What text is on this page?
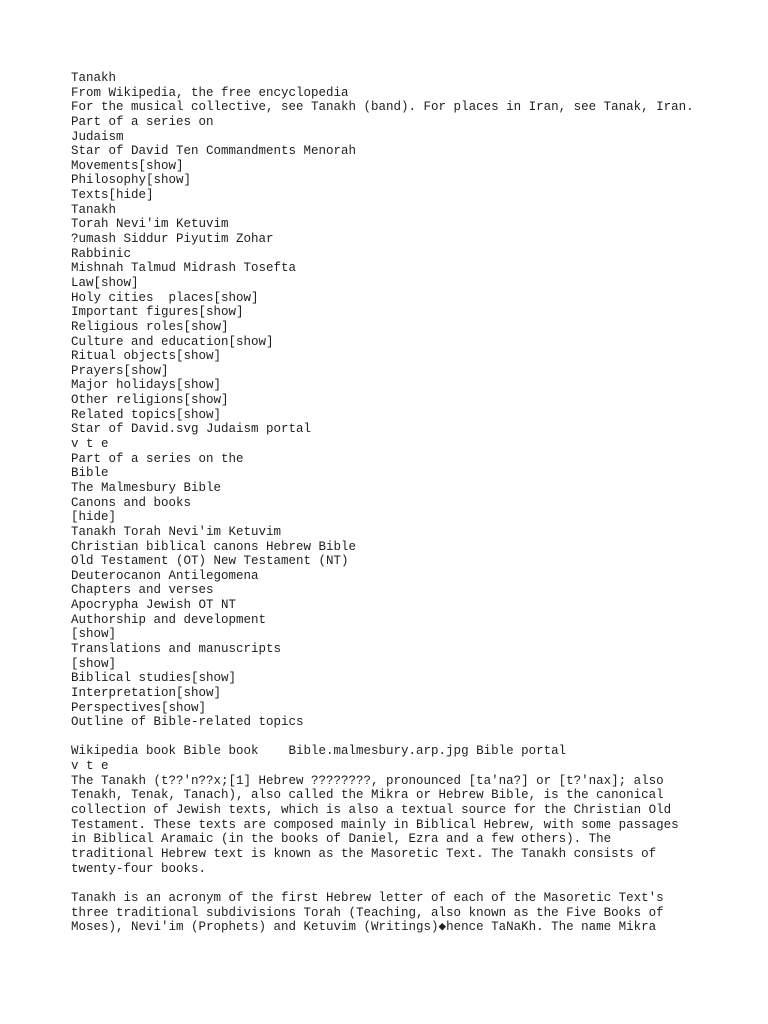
Tanakh
From Wikipedia, the free encyclopedia
For the musical collective, see Tanakh (band). For places in Iran, see Tanak, Iran.
Part of a series on
Judaism
Star of David Ten Commandments Menorah
Movements[show]
Philosophy[show]
Texts[hide]
Tanakh
Torah Nevi'im Ketuvim
?umash Siddur Piyutim Zohar
Rabbinic
Mishnah Talmud Midrash Tosefta
Law[show]
Holy cities  places[show]
Important figures[show]
Religious roles[show]
Culture and education[show]
Ritual objects[show]
Prayers[show]
Major holidays[show]
Other religions[show]
Related topics[show]
Star of David.svg Judaism portal
v t e
Part of a series on the
Bible
The Malmesbury Bible
Canons and books
[hide]
Tanakh Torah Nevi'im Ketuvim
Christian biblical canons Hebrew Bible
Old Testament (OT) New Testament (NT)
Deuterocanon Antilegomena
Chapters and verses
Apocrypha Jewish OT NT
Authorship and development
[show]
Translations and manuscripts
[show]
Biblical studies[show]
Interpretation[show]
Perspectives[show]
Outline of Bible-related topics
Wikipedia book Bible book    Bible.malmesbury.arp.jpg Bible portal
v t e
The Tanakh (t??'n??x;[1] Hebrew ????????, pronounced [ta'na?] or [t?'nax]; also
Tenakh, Tenak, Tanach), also called the Mikra or Hebrew Bible, is the canonical
collection of Jewish texts, which is also a textual source for the Christian Old
Testament. These texts are composed mainly in Biblical Hebrew, with some passages
in Biblical Aramaic (in the books of Daniel, Ezra and a few others). The
traditional Hebrew text is known as the Masoretic Text. The Tanakh consists of
twenty-four books.
Tanakh is an acronym of the first Hebrew letter of each of the Masoretic Text's
three traditional subdivisions Torah (Teaching, also known as the Five Books of
Moses), Nevi'im (Prophets) and Ketuvim (Writings)◆hence TaNaKh. The name Mikra
